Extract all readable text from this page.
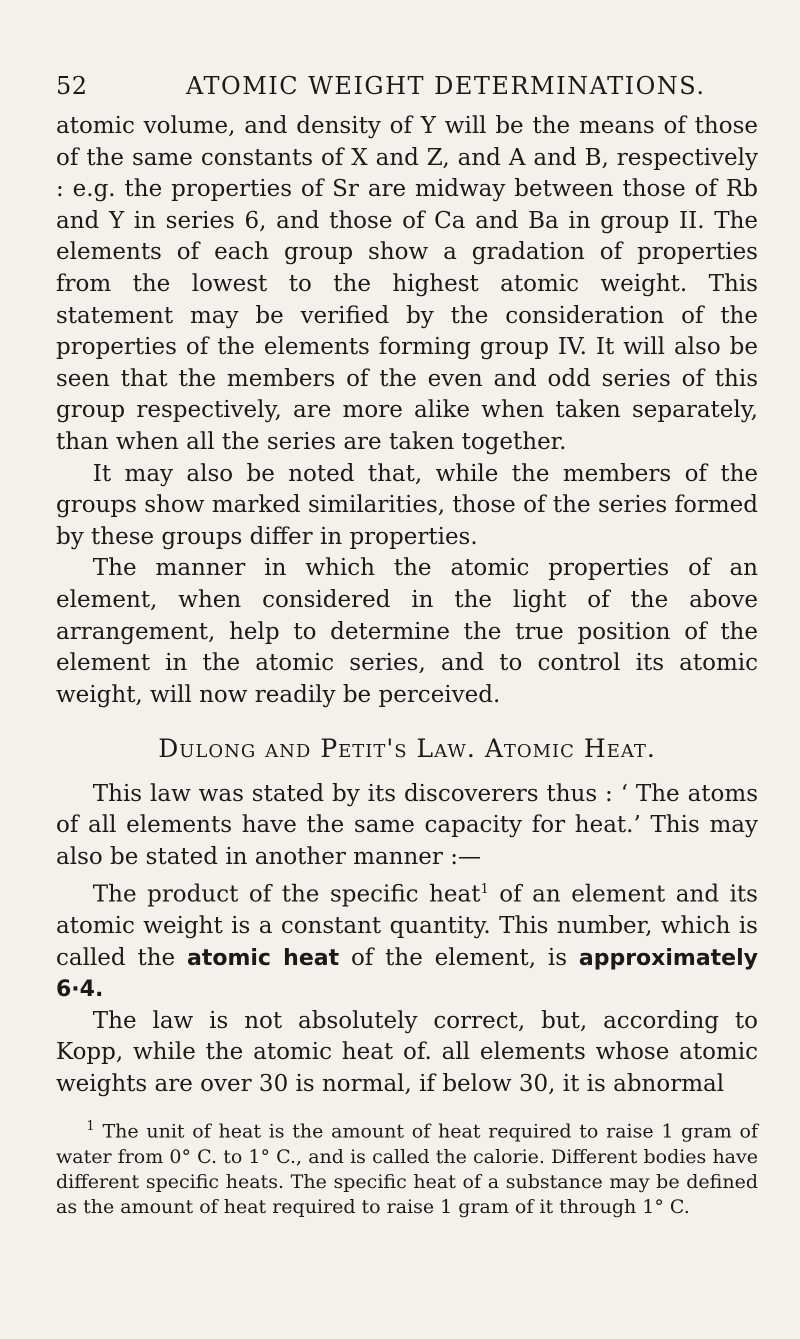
52	ATOMIC WEIGHT DETERMINATIONS.

atomic volume, and density of Y will be the means of those of the same constants of X and Z, and A and B, respectively : e.g. the properties of Sr are midway between those of Rb and Y in series 6, and those of Ca and Ba in group II. The elements of each group show a gradation of properties from the lowest to the highest atomic weight. This statement may be verified by the consideration of the properties of the elements forming group IV. It will also be seen that the members of the even and odd series of this group respectively, are more alike when taken separately, than when all the series are taken together.

It may also be noted that, while the members of the groups show marked similarities, those of the series formed by these groups differ in properties.

The manner in which the atomic properties of an element, when considered in the light of the above arrangement, help to determine the true position of the element in the atomic series, and to control its atomic weight, will now readily be perceived.

Dulong and Petit's Law. Atomic Heat.

This law was stated by its discoverers thus : ‘ The atoms of all elements have the same capacity for heat.’ This may also be stated in another manner :—

The product of the specific heat$^1$ of an element and its atomic weight is a constant quantity. This number, which is called the atomic heat of the element, is approximately 6·4.

The law is not absolutely correct, but, according to Kopp, while the atomic heat of. all elements whose atomic weights are over 30 is normal, if below 30, it is abnormal

$^1$ The unit of heat is the amount of heat required to raise 1 gram of water from 0° C. to 1° C., and is called the calorie. Different bodies have different specific heats. The specific heat of a substance may be defined as the amount of heat required to raise 1 gram of it through 1° C.
